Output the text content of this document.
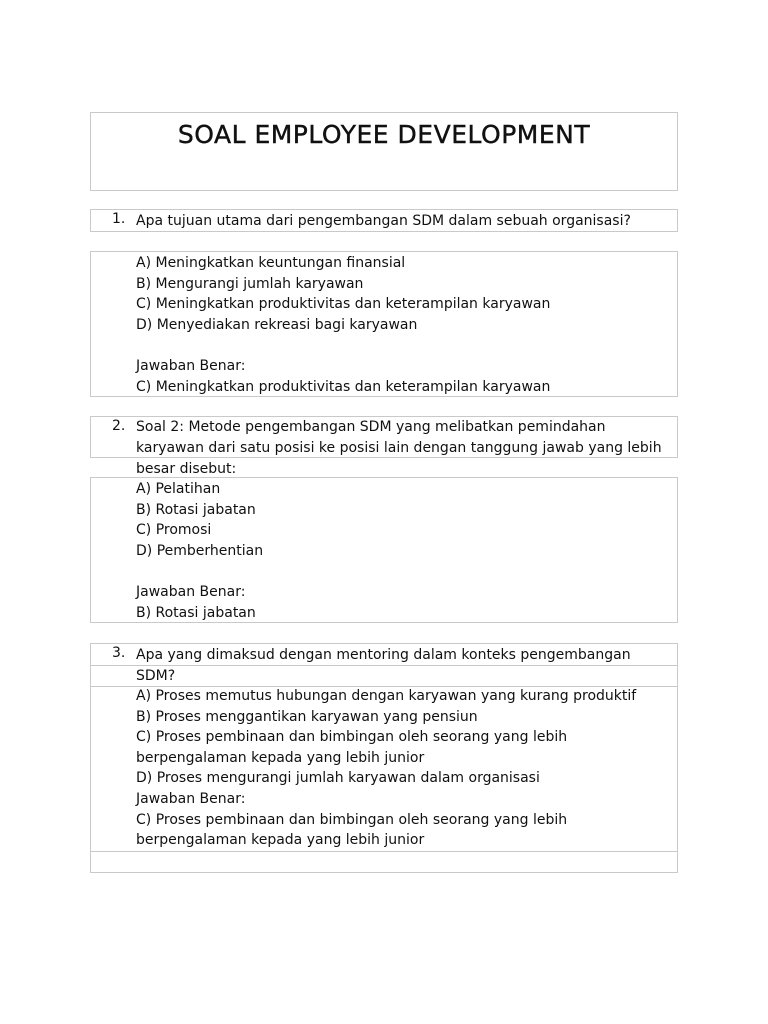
SOAL EMPLOYEE DEVELOPMENT
1. Apa tujuan utama dari pengembangan SDM dalam sebuah organisasi?
A) Meningkatkan keuntungan finansial
B) Mengurangi jumlah karyawan
C) Meningkatkan produktivitas dan keterampilan karyawan
D) Menyediakan rekreasi bagi karyawan
Jawaban Benar:
C) Meningkatkan produktivitas dan keterampilan karyawan
2. Soal 2: Metode pengembangan SDM yang melibatkan pemindahan karyawan dari satu posisi ke posisi lain dengan tanggung jawab yang lebih besar disebut:
A) Pelatihan
B) Rotasi jabatan
C) Promosi
D) Pemberhentian
Jawaban Benar:
B) Rotasi jabatan
3. Apa yang dimaksud dengan mentoring dalam konteks pengembangan SDM?
A) Proses memutus hubungan dengan karyawan yang kurang produktif
B) Proses menggantikan karyawan yang pensiun
C) Proses pembinaan dan bimbingan oleh seorang yang lebih berpengalaman kepada yang lebih junior
D) Proses mengurangi jumlah karyawan dalam organisasi
Jawaban Benar:
C) Proses pembinaan dan bimbingan oleh seorang yang lebih berpengalaman kepada yang lebih junior
